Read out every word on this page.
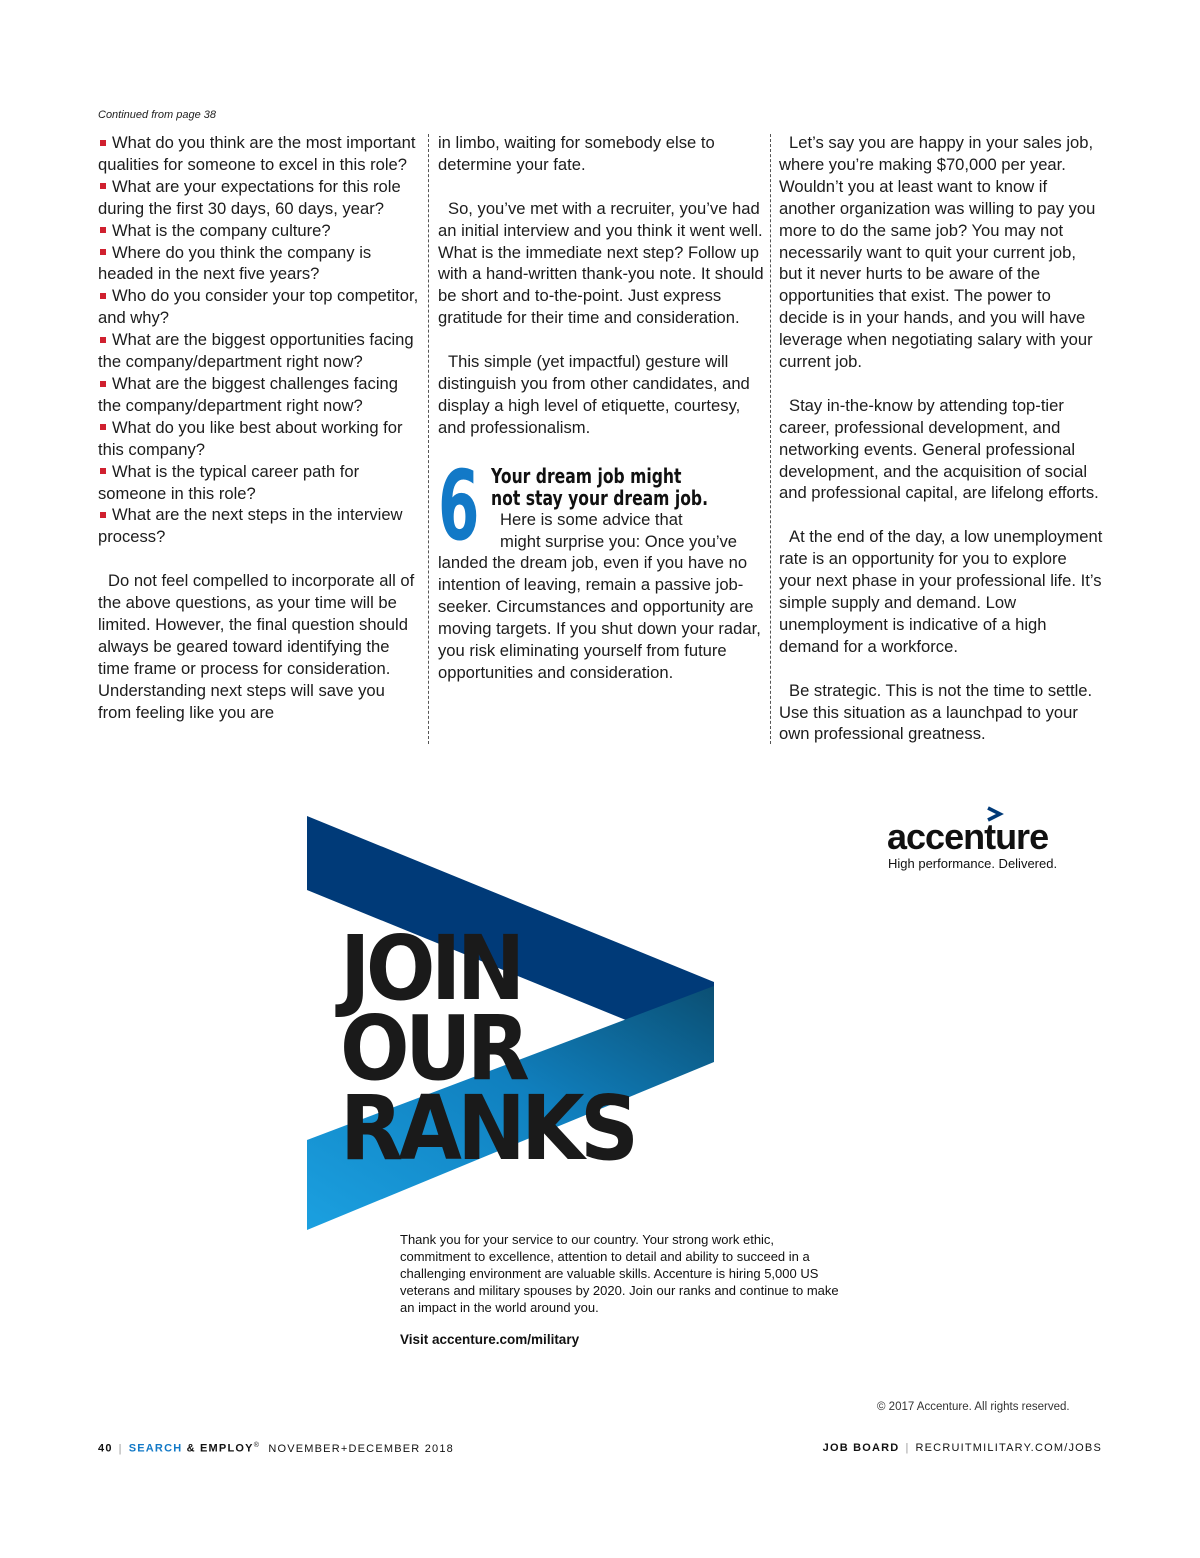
Continued from page 38

What do you think are the most important qualities for someone to excel in this role?

What are your expectations for this role during the first 30 days, 60 days, year?

What is the company culture?

Where do you think the company is headed in the next five years?

Who do you consider your top competitor, and why?

What are the biggest opportunities facing the company/department right now?

What are the biggest challenges facing the company/department right now?

What do you like best about working for this company?

What is the typical career path for someone in this role?

What are the next steps in the interview process?

Do not feel compelled to incorporate all of the above questions, as your time will be limited. However, the final question should always be geared toward identifying the time frame or process for consideration. Understanding next steps will save you from feeling like you are

in limbo, waiting for somebody else to determine your fate.

So, you’ve met with a recruiter, you’ve had an initial interview and you think it went well. What is the immediate next step? Follow up with a hand-written thank-you note. It should be short and to-the-point. Just express gratitude for their time and consideration.

This simple (yet impactful) gesture will distinguish you from other candidates, and display a high level of etiquette, courtesy, and professionalism.

6 Your dream job might
not stay your dream job.
Here is some advice that
might surprise you: Once you’ve

landed the dream job, even if you have no intention of leaving, remain a passive job-seeker. Circumstances and opportunity are moving targets. If you shut down your radar, you risk eliminating yourself from future opportunities and consideration.

Let’s say you are happy in your sales job, where you’re making $70,000 per year. Wouldn’t you at least want to know if another organization was willing to pay you more to do the same job? You may not necessarily want to quit your current job, but it never hurts to be aware of the opportunities that exist. The power to decide is in your hands, and you will have leverage when negotiating salary with your current job.

Stay in-the-know by attending top-tier career, professional development, and networking events. General professional development, and the acquisition of social and professional capital, are lifelong efforts.

At the end of the day, a low unemployment rate is an opportunity for you to explore your next phase in your professional life. It’s simple supply and demand. Low unemployment is indicative of a high demand for a workforce.

Be strategic. This is not the time to settle. Use this situation as a launchpad to your own professional greatness.

JOIN
OUR
RANKS
accenture
High performance. Delivered.
Thank you for your service to our country. Your strong work ethic, commitment to excellence, attention to detail and ability to succeed in a challenging environment are valuable skills. Accenture is hiring 5,000 US veterans and military spouses by 2020. Join our ranks and continue to make an impact in the world around you.
Visit accenture.com/military
© 2017 Accenture. All rights reserved.
40 | SEARCH & EMPLOY® NOVEMBER+DECEMBER 2018	JOB BOARD | RECRUITMILITARY.COM/JOBS
